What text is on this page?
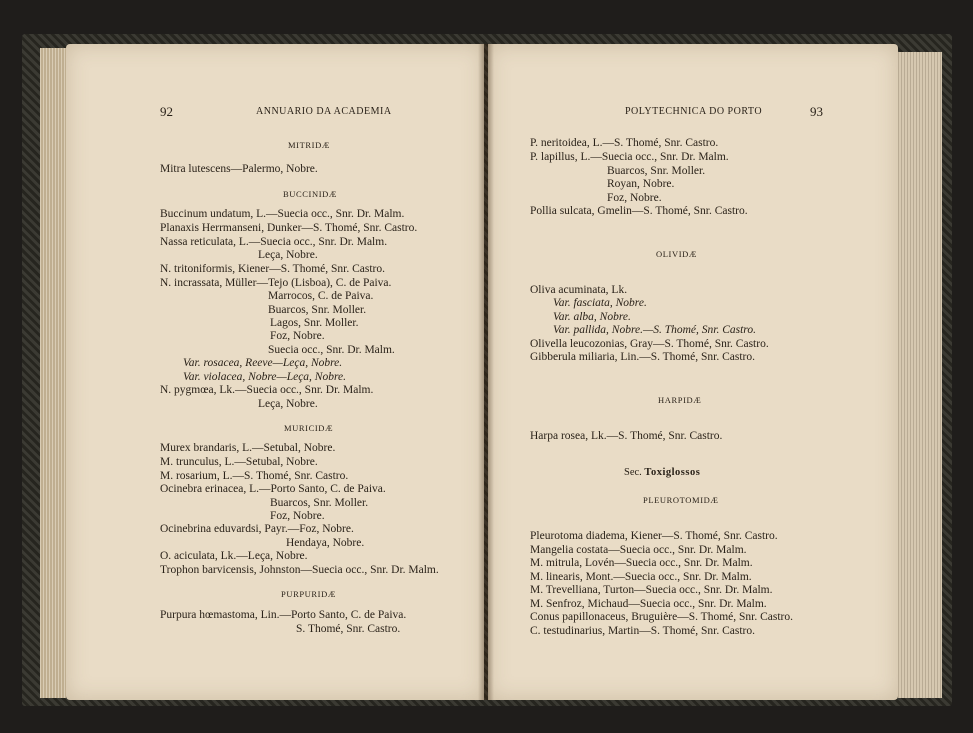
92	ANNUARIO DA ACADEMIA
MITRIDÆ
Mitra lutescens—Palermo, Nobre.
BUCCINIDÆ
Buccinum undatum, L.—Suecia occ., Snr. Dr. Malm.
Planaxis Herrmanseni, Dunker—S. Thomé, Snr. Castro.
Nassa reticulata, L.—Suecia occ., Snr. Dr. Malm.
Leça, Nobre.
N. tritoniformis, Kiener—S. Thomé, Snr. Castro.
N. incrassata, Müller—Tejo (Lisboa), C. de Paiva.
Marrocos, C. de Paiva.
Buarcos, Snr. Moller.
Lagos, Snr. Moller.
Foz, Nobre.
Suecia occ., Snr. Dr. Malm.
Var. rosacea, Reeve—Leça, Nobre.
Var. violacea, Nobre—Leça, Nobre.
N. pygmœa, Lk.—Suecia occ., Snr. Dr. Malm.
Leça, Nobre.
MURICIDÆ
Murex brandaris, L.—Setubal, Nobre.
M. trunculus, L.—Setubal, Nobre.
M. rosarium, L.—S. Thomé, Snr. Castro.
Ocinebra erinacea, L.—Porto Santo, C. de Paiva.
Buarcos, Snr. Moller.
Foz, Nobre.
Ocinebrina eduvardsi, Payr.—Foz, Nobre.
Hendaya, Nobre.
O. aciculata, Lk.—Leça, Nobre.
Trophon barvicensis, Johnston—Suecia occ., Snr. Dr. Malm.
PURPURIDÆ
Purpura hœmastoma, Lin.—Porto Santo, C. de Paiva.
S. Thomé, Snr. Castro.
POLYTECHNICA DO PORTO	93
P. neritoidea, L.—S. Thomé, Snr. Castro.
P. lapillus, L.—Suecia occ., Snr. Dr. Malm.
Buarcos, Snr. Moller.
Royan, Nobre.
Foz, Nobre.
Pollia sulcata, Gmelin—S. Thomé, Snr. Castro.
OLIVIDÆ
Oliva acuminata, Lk.
Var. fasciata, Nobre.
Var. alba, Nobre.
Var. pallida, Nobre.—S. Thomé, Snr. Castro.
Olivella leucozonias, Gray—S. Thomé, Snr. Castro.
Gibberula miliaria, Lin.—S. Thomé, Snr. Castro.
HARPIDÆ
Harpa rosea, Lk.—S. Thomé, Snr. Castro.
Sec. Toxiglossos
PLEUROTOMIDÆ
Pleurotoma diadema, Kiener—S. Thomé, Snr. Castro.
Mangelia costata—Suecia occ., Snr. Dr. Malm.
M. mitrula, Lovén—Suecia occ., Snr. Dr. Malm.
M. linearis, Mont.—Suecia occ., Snr. Dr. Malm.
M. Trevelliana, Turton—Suecia occ., Snr. Dr. Malm.
M. Senfroz, Michaud—Suecia occ., Snr. Dr. Malm.
Conus papillonaceus, Bruguière—S. Thomé, Snr. Castro.
C. testudinarius, Martin—S. Thomé, Snr. Castro.
